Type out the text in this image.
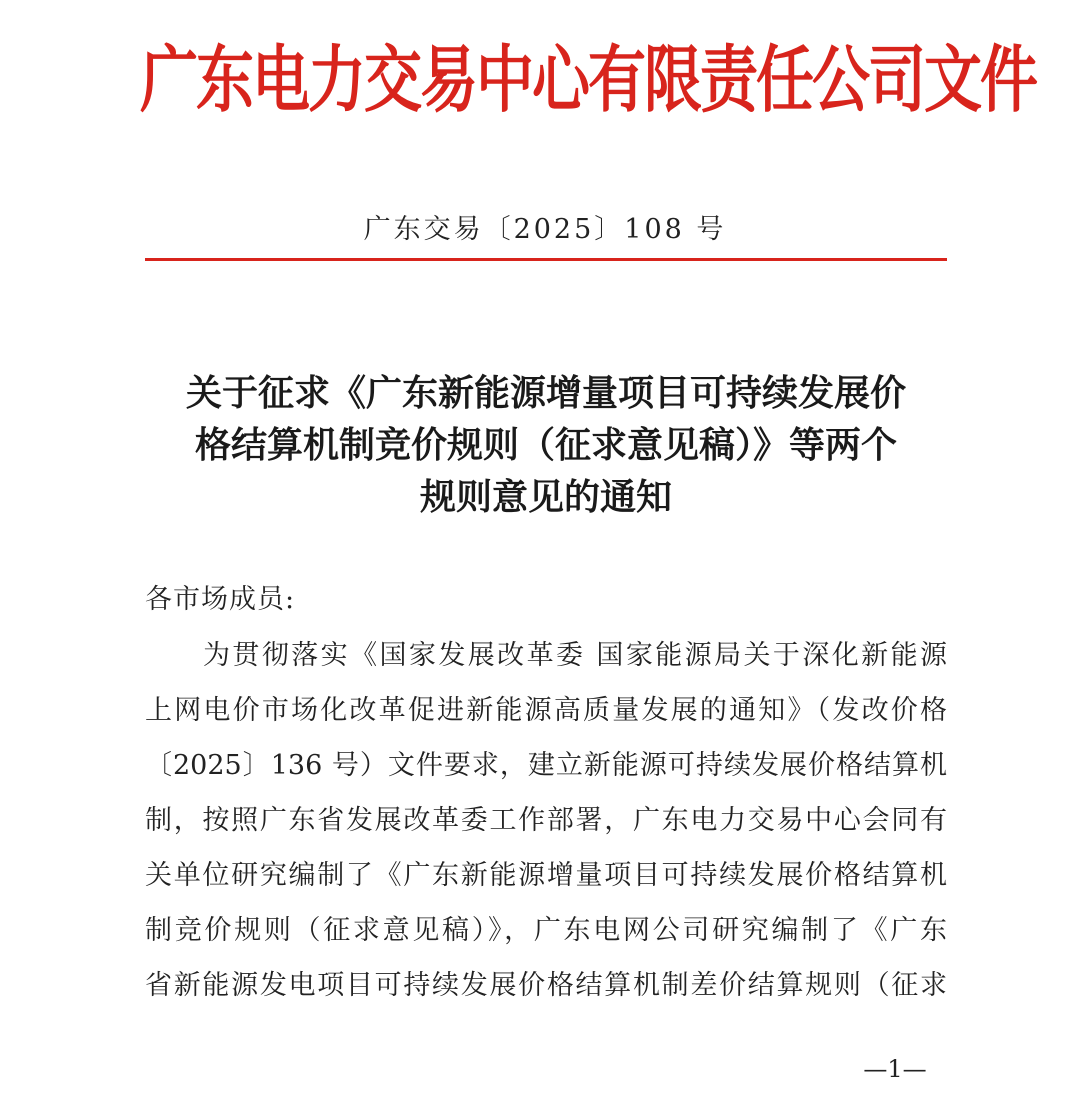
广东电力交易中心有限责任公司文件
广东交易〔2025〕108 号
关于征求《广东新能源增量项目可持续发展价
格结算机制竞价规则（征求意见稿）》等两个
规则意见的通知
各市场成员:
为贯彻落实《国家发展改革委 国家能源局关于深化新能源
上网电价市场化改革促进新能源高质量发展的通知》（发改价格
〔2025〕136 号）文件要求，建立新能源可持续发展价格结算机
制，按照广东省发展改革委工作部署，广东电力交易中心会同有
关单位研究编制了《广东新能源增量项目可持续发展价格结算机
制竞价规则（征求意见稿）》，广东电网公司研究编制了《广东
省新能源发电项目可持续发展价格结算机制差价结算规则（征求
—1—
